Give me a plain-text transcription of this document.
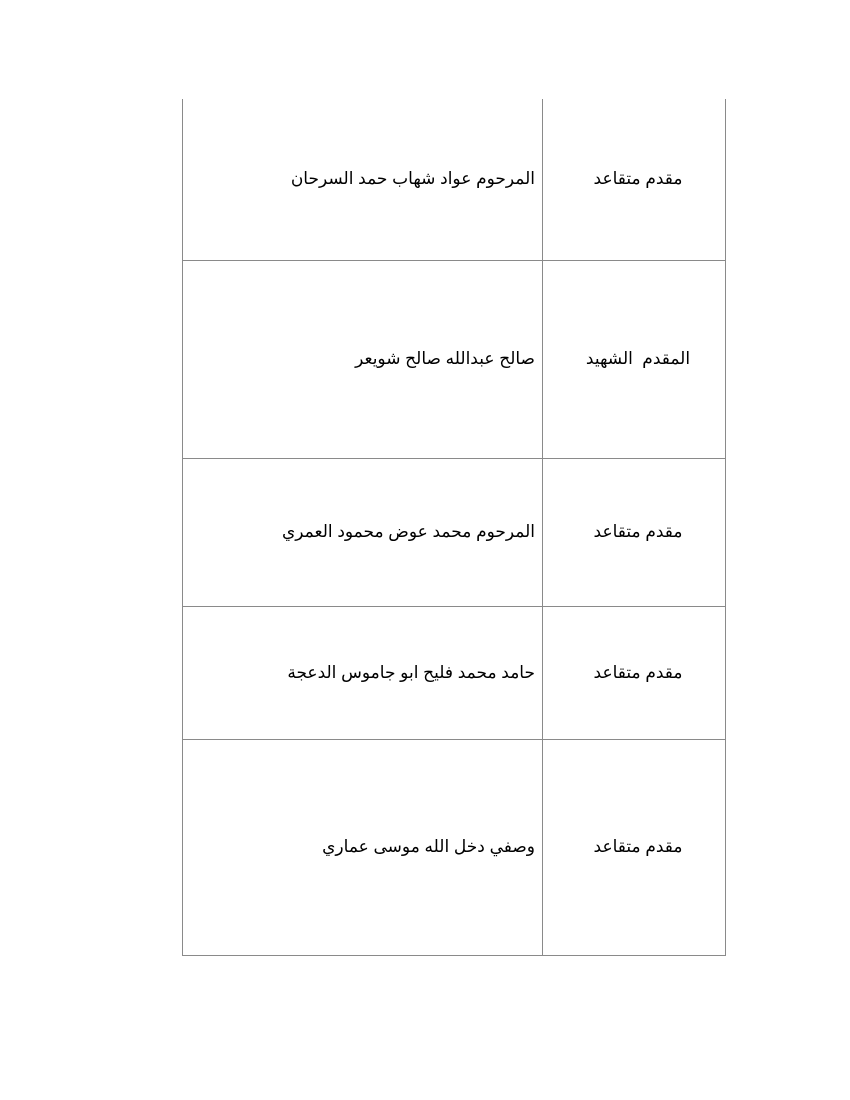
مقدم متقاعد	المرحوم عواد شهاب حمد السرحان
المقدم  الشهيد	صالح عبدالله صالح شويعر
مقدم متقاعد	المرحوم محمد عوض محمود العمري
مقدم متقاعد	حامد محمد فليح ابو جاموس الدعجة
مقدم متقاعد	وصفي دخل الله موسى عماري
